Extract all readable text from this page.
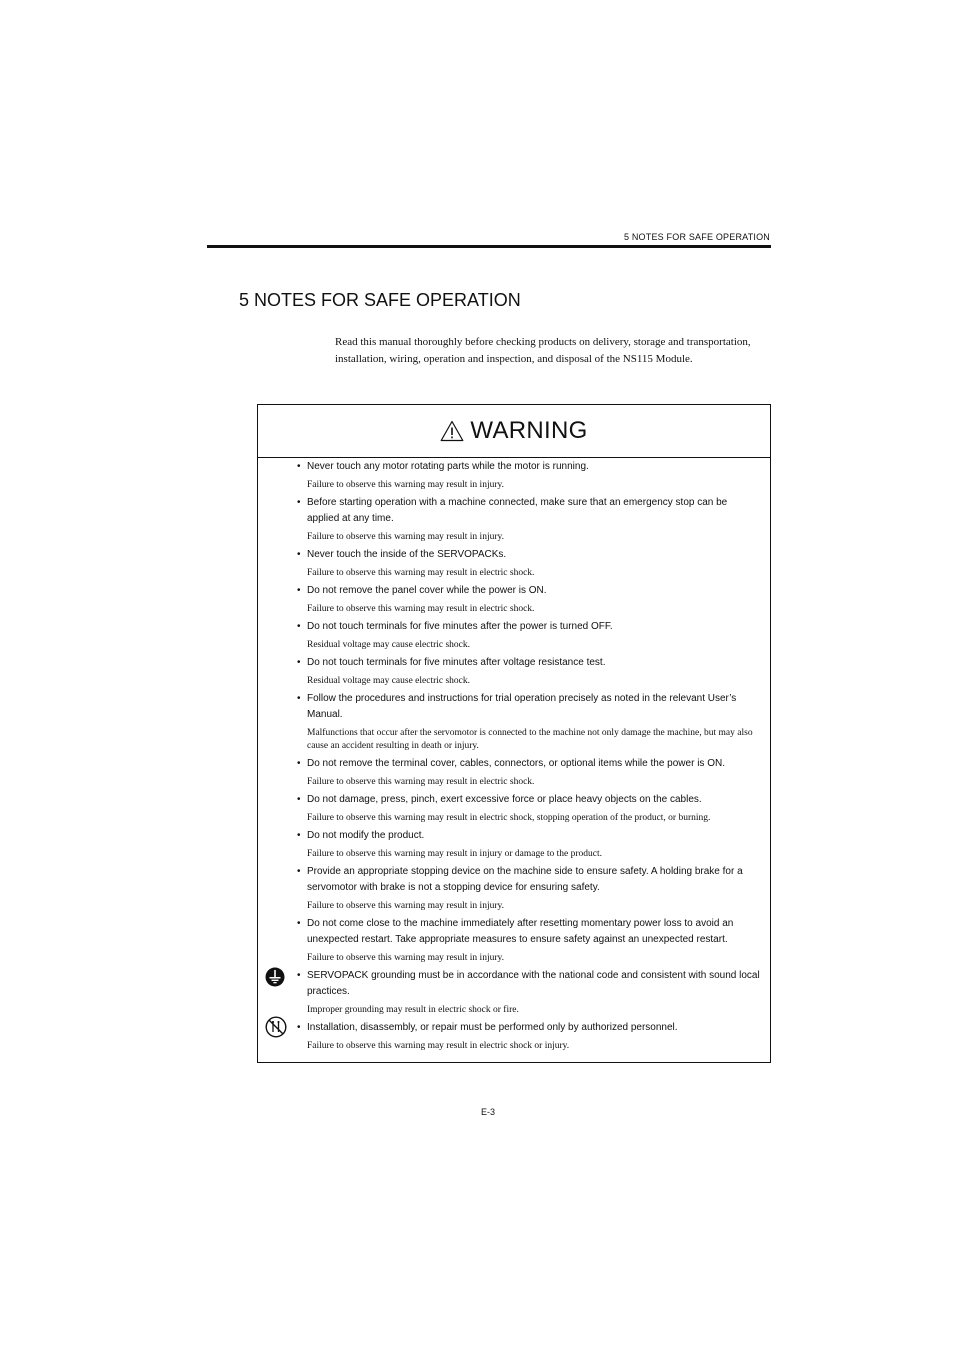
5 NOTES FOR SAFE OPERATION
5 NOTES FOR SAFE OPERATION

Read this manual thoroughly before checking products on delivery, storage and transportation, installation, wiring, operation and inspection, and disposal of the NS115 Module.

WARNING
• Never touch any motor rotating parts while the motor is running.
Failure to observe this warning may result in injury.
• Before starting operation with a machine connected, make sure that an emergency stop can be applied at any time.
Failure to observe this warning may result in injury.
• Never touch the inside of the SERVOPACKs.
Failure to observe this warning may result in electric shock.
• Do not remove the panel cover while the power is ON.
Failure to observe this warning may result in electric shock.
• Do not touch terminals for five minutes after the power is turned OFF.
Residual voltage may cause electric shock.
• Do not touch terminals for five minutes after voltage resistance test.
Residual voltage may cause electric shock.
• Follow the procedures and instructions for trial operation precisely as noted in the relevant User’s Manual.
Malfunctions that occur after the servomotor is connected to the machine not only damage the machine, but may also cause an accident resulting in death or injury.
• Do not remove the terminal cover, cables, connectors, or optional items while the power is ON.
Failure to observe this warning may result in electric shock.
• Do not damage, press, pinch, exert excessive force or place heavy objects on the cables.
Failure to observe this warning may result in electric shock, stopping operation of the product, or burning.
• Do not modify the product.
Failure to observe this warning may result in injury or damage to the product.
• Provide an appropriate stopping device on the machine side to ensure safety. A holding brake for a servomotor with brake is not a stopping device for ensuring safety.
Failure to observe this warning may result in injury.
• Do not come close to the machine immediately after resetting momentary power loss to avoid an unexpected restart. Take appropriate measures to ensure safety against an unexpected restart.
Failure to observe this warning may result in injury.
• SERVOPACK grounding must be in accordance with the national code and consistent with sound local practices.
Improper grounding may result in electric shock or fire.
• Installation, disassembly, or repair must be performed only by authorized personnel.
Failure to observe this warning may result in electric shock or injury.
E-3
